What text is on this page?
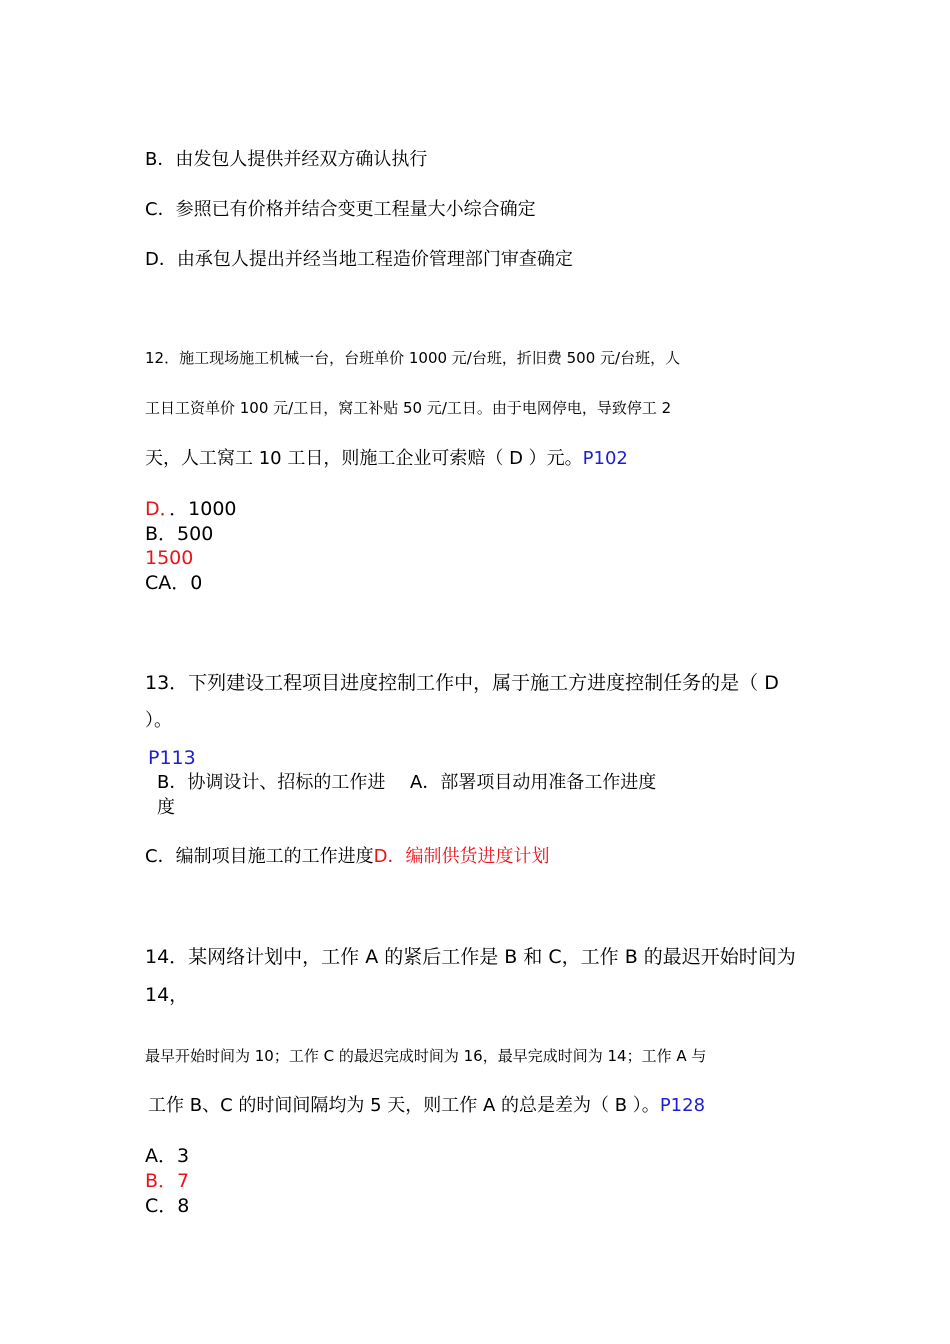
B．由发包人提供并经双方确认执行
C．参照已有价格并结合变更工程量大小综合确定
D．由承包人提出并经当地工程造价管理部门审查确定
12．施工现场施工机械一台，台班单价 1000 元/台班，折旧费 500 元/台班，人
工日工资单价 100 元/工日，窝工补贴 50 元/工日。由于电网停电，导致停工 2
天，人工窝工 10 工日，则施工企业可索赔（ D ）元。P102
D．．1000
B．500
1500
CA．0
13．下列建设工程项目进度控制工作中，属于施工方进度控制任务的是（ D
）。
P113
B．协调设计、招标的工作进
度
A．部署项目动用准备工作进度
C．编制项目施工的工作进度D．编制供货进度计划
14．某网络计划中，工作 A 的紧后工作是 B 和 C，工作 B 的最迟开始时间为
14，
最早开始时间为 10；工作 C 的最迟完成时间为 16，最早完成时间为 14；工作 A 与
工作 B、C 的时间间隔均为 5 天，则工作 A 的总是差为（ B ）。P128
A．3
B．7
C．8
